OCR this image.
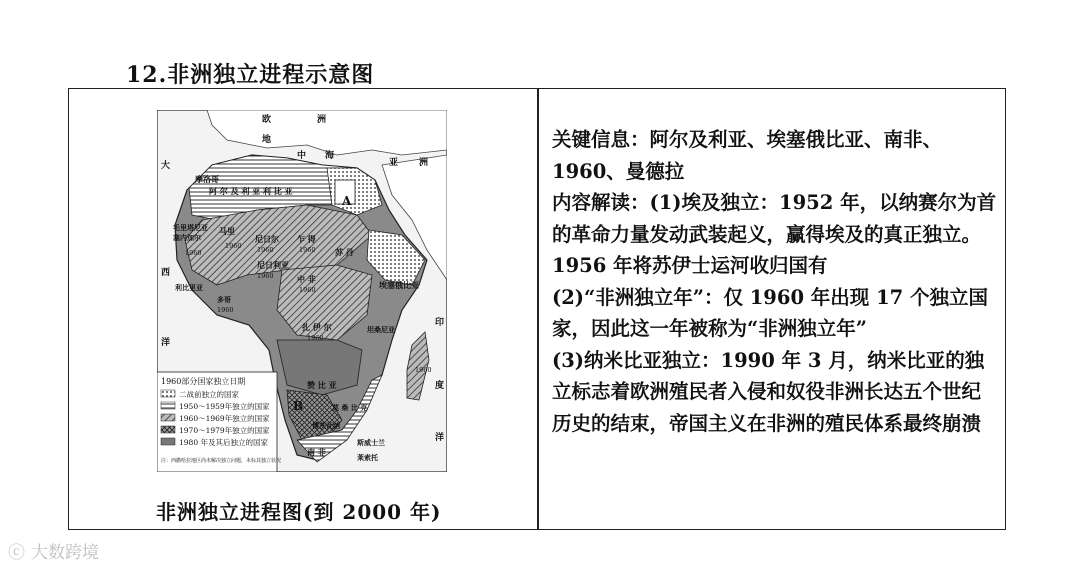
12.非洲独立进程示意图
1960部分国家独立日期
二战前独立的国家
1950～1959年独立的国家
1960～1969年独立的国家
1970～1979年独立的国家
1980 年及其后独立的国家
注：西撒哈拉地区尚未解决独立问题，未标其独立状况
欧	洲
地
中 海
亚 洲
大
西
洋
印
度
洋
摩洛哥
阿 尔 及 利 亚 利 比 亚
毛里塔尼亚
塞内加尔
马里
尼日尔 乍 得
苏 丹
埃塞俄比亚
尼日利亚
中 非
利比里亚
多哥
扎 伊 尔	坦桑尼亚
赞 比 亚
莫 桑 比 克
博茨瓦纳
南 非
斯威士兰
莱索托
A
B
1960 1960	1960
1960
1960
1960
1960
1960
1960
非洲独立进程图(到 2000 年)

关键信息：阿尔及利亚、埃塞俄比亚、南非、1960、曼德拉

内容解读：(1)埃及独立：1952 年，以纳赛尔为首的革命力量发动武装起义，赢得埃及的真正独立。1956 年将苏伊士运河收归国有

(2)“非洲独立年”：仅 1960 年出现 17 个独立国家，因此这一年被称为“非洲独立年”

(3)纳米比亚独立：1990 年 3 月，纳米比亚的独立标志着欧洲殖民者入侵和奴役非洲长达五个世纪历史的结束，帝国主义在非洲的殖民体系最终崩溃

ⓒ 大数跨境
